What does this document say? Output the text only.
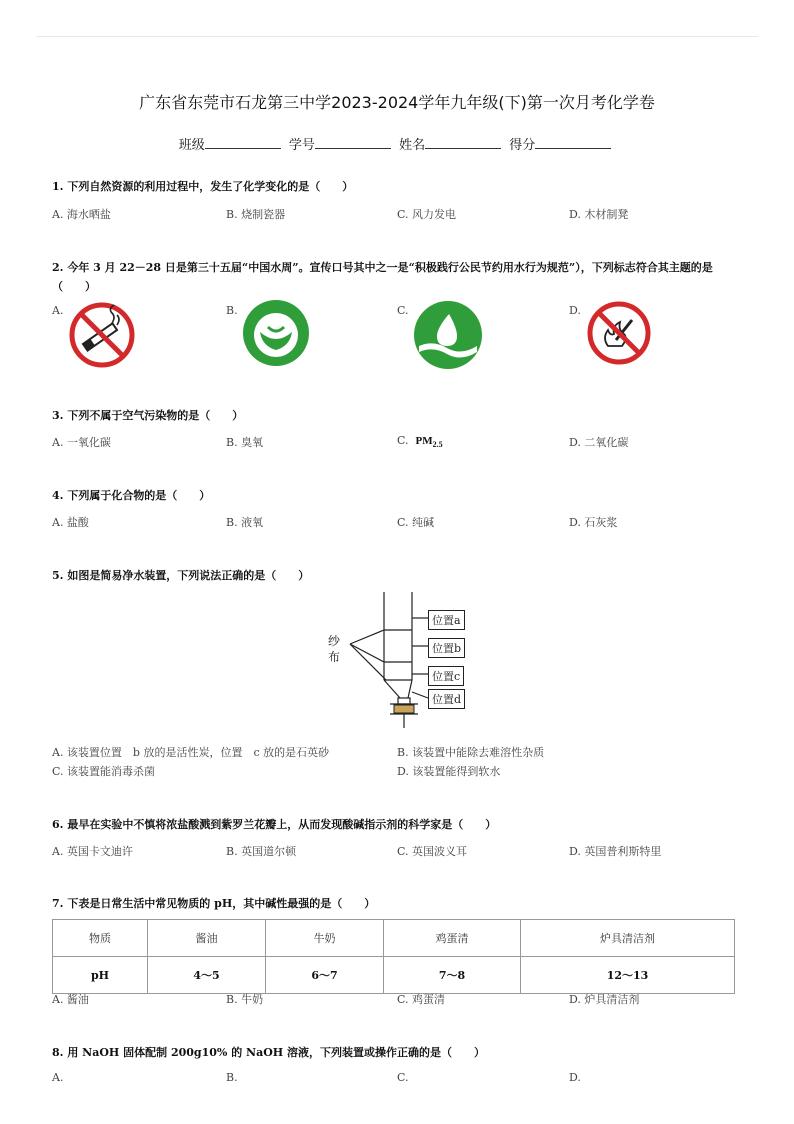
广东省东莞市石龙第三中学2023-2024学年九年级(下)第一次月考化学卷
班级	学号	姓名	得分
1. 下列自然资源的利用过程中，发生了化学变化的是（　　）
A. 海水晒盐	B. 烧制瓷器	C. 风力发电	D. 木材制凳
2. 今年 3 月 22－28 日是第三十五届“中国水周”。宣传口号其中之一是“积极践行公民节约用水行为规范”），下列标志符合其主题的是（　　）
A.	B.	C.	D.
3. 下列不属于空气污染物的是（　　）
A. 一氧化碳	B. 臭氧	C. $PM_{2.5}$	D. 二氧化碳
4. 下列属于化合物的是（　　）
A. 盐酸	B. 液氧	C. 纯碱	D. 石灰浆
5. 如图是简易净水装置，下列说法正确的是（　　）
纱
布
位置a
位置b
位置c
位置d
A. 该装置位置　b 放的是活性炭，位置　c 放的是石英砂	B. 该装置中能除去难溶性杂质
C. 该装置能消毒杀菌	D. 该装置能得到软水
6. 最早在实验中不慎将浓盐酸溅到紫罗兰花瓣上，从而发现酸碱指示剂的科学家是（　　）
A. 英国卡文迪许	B. 英国道尔顿	C. 英国波义耳	D. 英国普利斯特里
7. 下表是日常生活中常见物质的 pH，其中碱性最强的是（　　）
物质	酱油	牛奶	鸡蛋清	炉具清洁剂
pH	4～5	6～7	7～8	12～13
A. 酱油	B. 牛奶	C. 鸡蛋清	D. 炉具清洁剂
8. 用 NaOH 固体配制 200g10% 的 NaOH 溶液，下列装置或操作正确的是（　　）
A.	B.	C.	D.
